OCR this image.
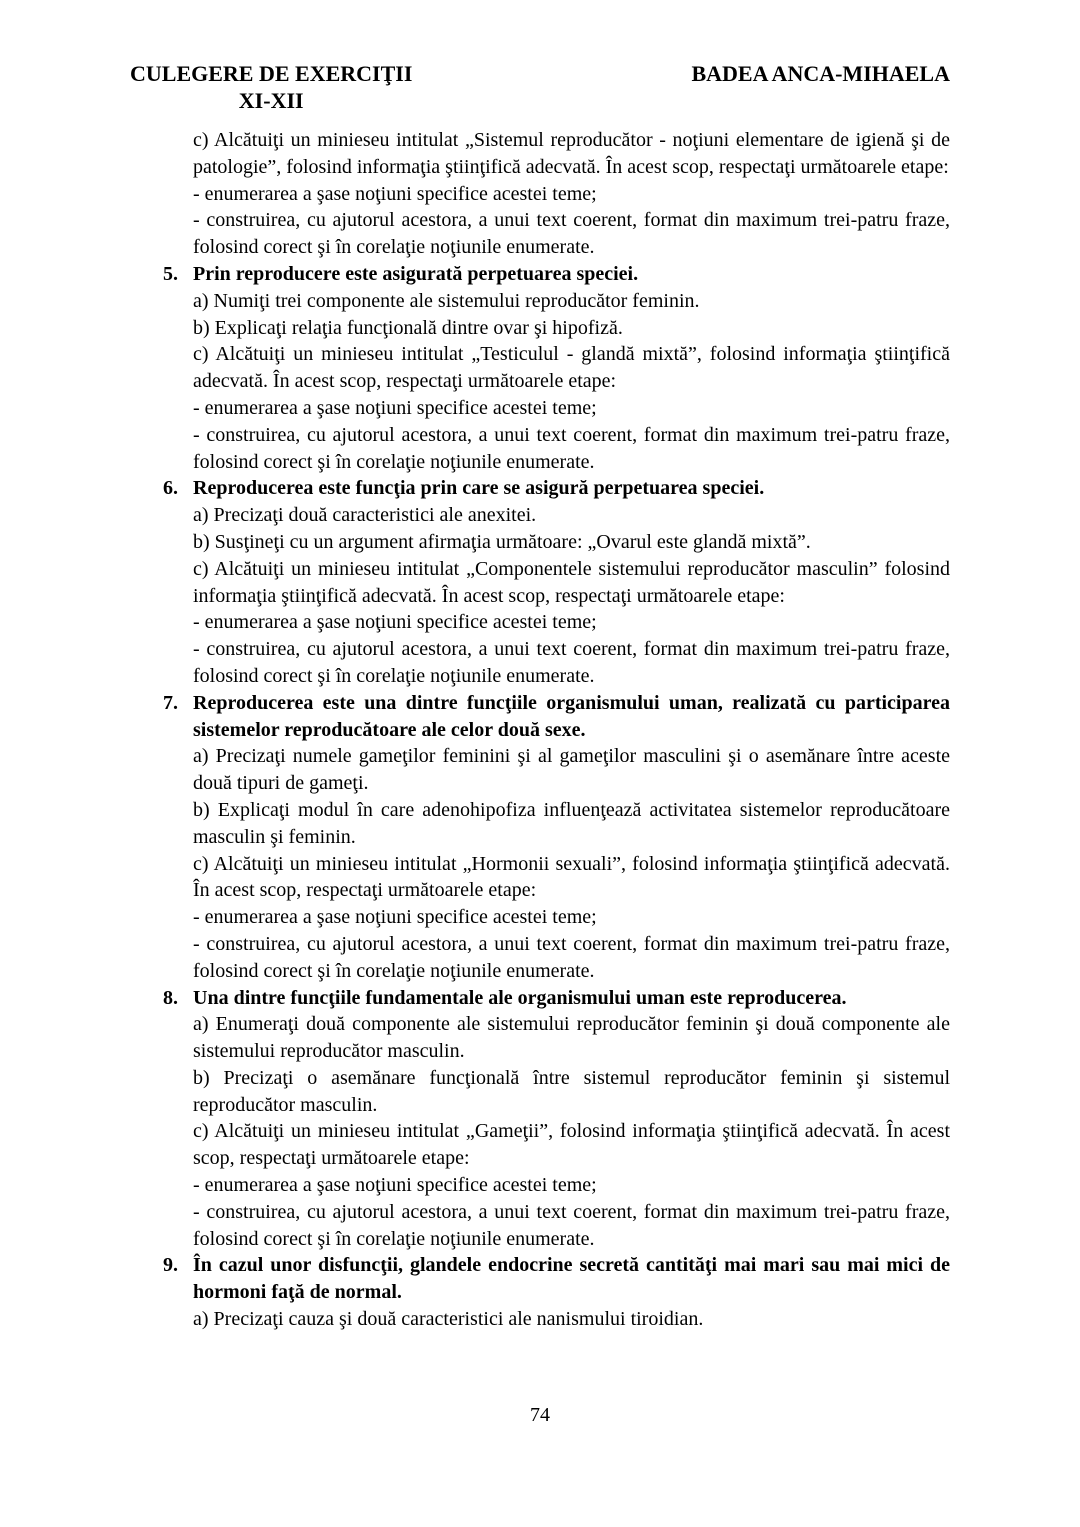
CULEGERE DE EXERCIŢII
XI-XII
BADEA ANCA-MIHAELA

c) Alcătuiţi un minieseu intitulat „Sistemul reproducător - noţiuni elementare de igienă şi de patologie”, folosind informaţia ştiinţifică adecvată. În acest scop, respectaţi următoarele etape:

- enumerarea a şase noţiuni specifice acestei teme;

- construirea, cu ajutorul acestora, a unui text coerent, format din maximum trei-patru fraze, folosind corect şi în corelaţie noţiunile enumerate.

5. Prin reproducere este asigurată perpetuarea speciei.

a) Numiţi trei componente ale sistemului reproducător feminin.

b) Explicaţi relaţia funcţională dintre ovar şi hipofiză.

c) Alcătuiţi un minieseu intitulat „Testiculul - glandă mixtă”, folosind informaţia ştiinţifică adecvată. În acest scop, respectaţi următoarele etape:

- enumerarea a şase noţiuni specifice acestei teme;

- construirea, cu ajutorul acestora, a unui text coerent, format din maximum trei-patru fraze, folosind corect şi în corelaţie noţiunile enumerate.

6. Reproducerea este funcţia prin care se asigură perpetuarea speciei.

a) Precizaţi două caracteristici ale anexitei.

b) Susţineţi cu un argument afirmaţia următoare: „Ovarul este glandă mixtă”.

c) Alcătuiţi un minieseu intitulat „Componentele sistemului reproducător masculin” folosind informaţia ştiinţifică adecvată. În acest scop, respectaţi următoarele etape:

- enumerarea a şase noţiuni specifice acestei teme;

- construirea, cu ajutorul acestora, a unui text coerent, format din maximum trei-patru fraze, folosind corect şi în corelaţie noţiunile enumerate.

7. Reproducerea este una dintre funcţiile organismului uman, realizată cu participarea sistemelor reproducătoare ale celor două sexe.

a) Precizaţi numele gameţilor feminini şi al gameţilor masculini şi o asemănare între aceste două tipuri de gameţi.

b) Explicaţi modul în care adenohipofiza influenţează activitatea sistemelor reproducătoare masculin şi feminin.

c) Alcătuiţi un minieseu intitulat „Hormonii sexuali”, folosind informaţia ştiinţifică adecvată. În acest scop, respectaţi următoarele etape:

- enumerarea a şase noţiuni specifice acestei teme;

- construirea, cu ajutorul acestora, a unui text coerent, format din maximum trei-patru fraze, folosind corect şi în corelaţie noţiunile enumerate.

8. Una dintre funcţiile fundamentale ale organismului uman este reproducerea.

a) Enumeraţi două componente ale sistemului reproducător feminin şi două componente ale sistemului reproducător masculin.

b) Precizaţi o asemănare funcţională între sistemul reproducător feminin şi sistemul reproducător masculin.

c) Alcătuiţi un minieseu intitulat „Gameţii”, folosind informaţia ştiinţifică adecvată. În acest scop, respectaţi următoarele etape:

- enumerarea a şase noţiuni specifice acestei teme;

- construirea, cu ajutorul acestora, a unui text coerent, format din maximum trei-patru fraze, folosind corect şi în corelaţie noţiunile enumerate.

9. În cazul unor disfuncţii, glandele endocrine secretă cantităţi mai mari sau mai mici de hormoni faţă de normal.

a) Precizaţi cauza şi două caracteristici ale nanismului tiroidian.

74
